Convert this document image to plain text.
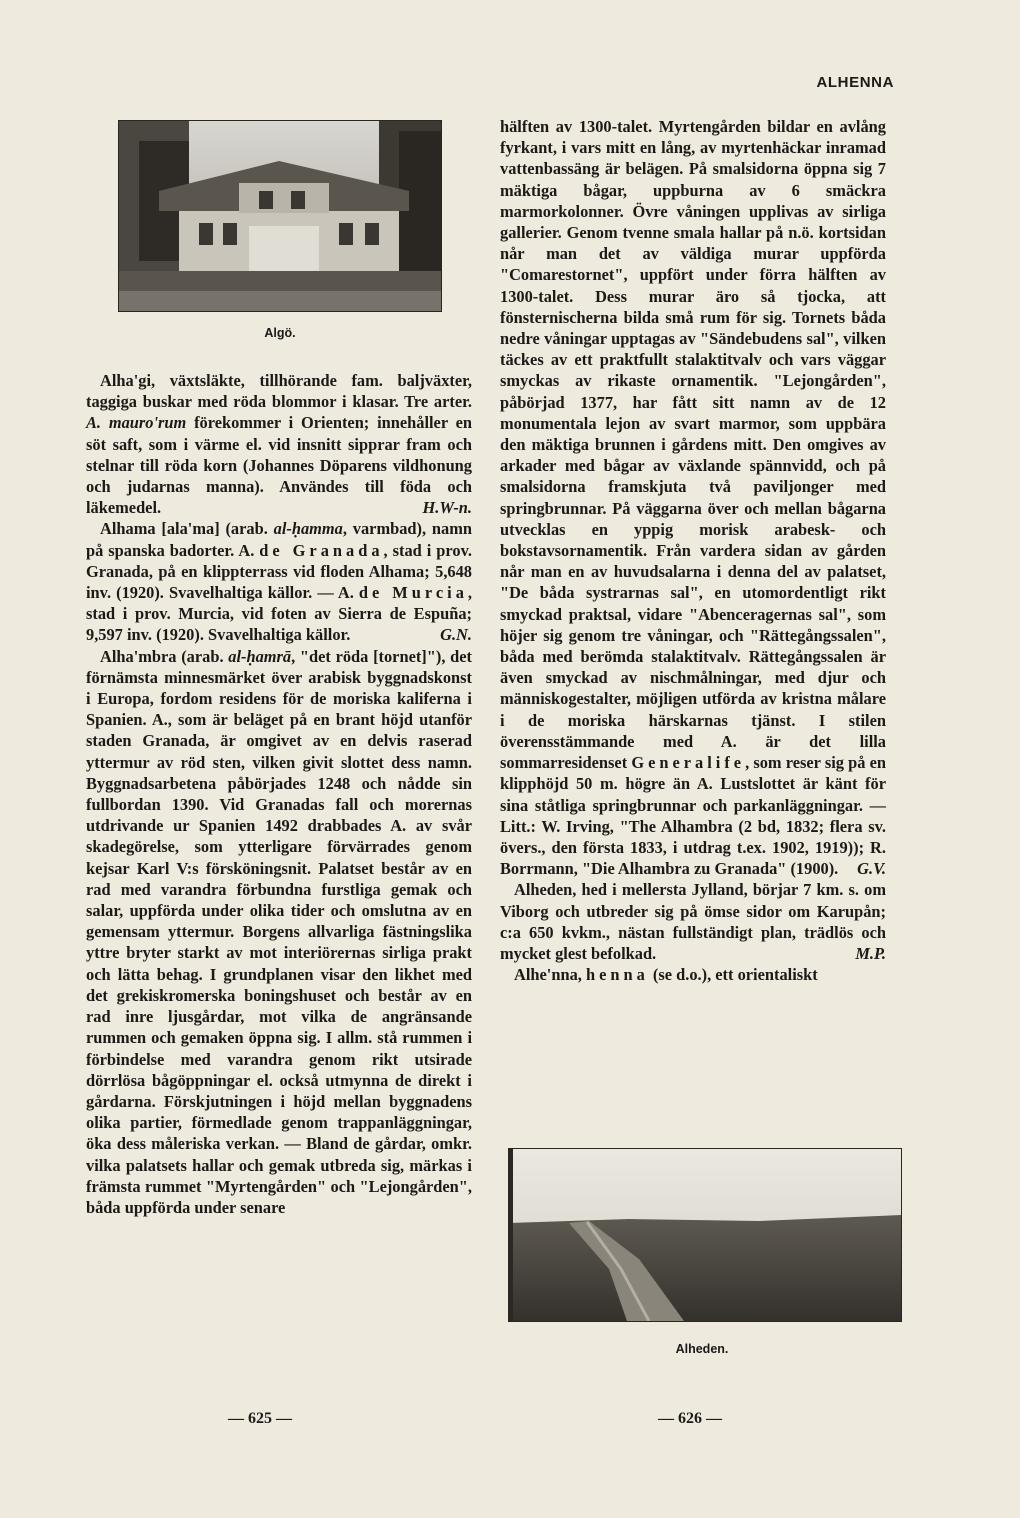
ALHENNA
Algö.

Alha'gi, växtsläkte, tillhörande fam. baljväxter, taggiga buskar med röda blommor i klasar. Tre arter. A. mauro'rum förekommer i Orienten; innehåller en söt saft, som i värme el. vid insnitt sipprar fram och stelnar till röda korn (Johannes Döparens vildhonung och judarnas manna). Användes till föda och läkemedel.	H.W-n.

Alhama [ala'ma] (arab. al-ḥamma, varmbad), namn på spanska badorter. A. de Granada, stad i prov. Granada, på en klippterrass vid floden Alhama; 5,648 inv. (1920). Svavelhaltiga källor. — A. de Murcia, stad i prov. Murcia, vid foten av Sierra de Espuña; 9,597 inv. (1920). Svavelhaltiga källor.	G.N.

Alha'mbra (arab. al-ḥamrā, "det röda [tornet]"), det förnämsta minnesmärket över arabisk byggnadskonst i Europa, fordom residens för de moriska kaliferna i Spanien. A., som är beläget på en brant höjd utanför staden Granada, är omgivet av en delvis raserad yttermur av röd sten, vilken givit slottet dess namn. Byggnadsarbetena påbörjades 1248 och nådde sin fullbordan 1390. Vid Granadas fall och morernas utdrivande ur Spanien 1492 drabbades A. av svår skadegörelse, som ytterligare förvärrades genom kejsar Karl V:s försköningsnit. Palatset består av en rad med varandra förbundna furstliga gemak och salar, uppförda under olika tider och omslutna av en gemensam yttermur. Borgens allvarliga fästningslika yttre bryter starkt av mot interiörernas sirliga prakt och lätta behag. I grundplanen visar den likhet med det grekiskromerska boningshuset och består av en rad inre ljusgårdar, mot vilka de angränsande rummen och gemaken öppna sig. I allm. stå rummen i förbindelse med varandra genom rikt utsirade dörrlösa bågöppningar el. också utmynna de direkt i gårdarna. Förskjutningen i höjd mellan byggnadens olika partier, förmedlade genom trappanläggningar, öka dess måleriska verkan. — Bland de gårdar, omkr. vilka palatsets hallar och gemak utbreda sig, märkas i främsta rummet "Myrtengården" och "Lejongården", båda uppförda under senare

— 625 —

hälften av 1300-talet. Myrtengården bildar en avlång fyrkant, i vars mitt en lång, av myrtenhäckar inramad vattenbassäng är belägen. På smalsidorna öppna sig 7 mäktiga bågar, uppburna av 6 smäckra marmorkolonner. Övre våningen upplivas av sirliga gallerier. Genom tvenne smala hallar på n.ö. kortsidan når man det av väldiga murar uppförda "Comarestornet", uppfört under förra hälften av 1300-talet. Dess murar äro så tjocka, att fönsternischerna bilda små rum för sig. Tornets båda nedre våningar upptagas av "Sändebudens sal", vilken täckes av ett praktfullt stalaktitvalv och vars väggar smyckas av rikaste ornamentik. "Lejongården", påbörjad 1377, har fått sitt namn av de 12 monumentala lejon av svart marmor, som uppbära den mäktiga brunnen i gårdens mitt. Den omgives av arkader med bågar av växlande spännvidd, och på smalsidorna framskjuta två paviljonger med springbrunnar. På väggarna över och mellan bågarna utvecklas en yppig morisk arabesk- och bokstavsornamentik. Från vardera sidan av gården når man en av huvudsalarna i denna del av palatset, "De båda systrarnas sal", en utomordentligt rikt smyckad praktsal, vidare "Abenceragernas sal", som höjer sig genom tre våningar, och "Rättegångssalen", båda med berömda stalaktitvalv. Rättegångssalen är även smyckad av nischmålningar, med djur och människogestalter, möjligen utförda av kristna målare i de moriska härskarnas tjänst. I stilen överensstämmande med A. är det lilla sommarresidenset Generalife, som reser sig på en klipphöjd 50 m. högre än A. Lustslottet är känt för sina ståtliga springbrunnar och parkanläggningar. — Litt.: W. Irving, "The Alhambra (2 bd, 1832; flera sv. övers., den första 1833, i utdrag t.ex. 1902, 1919)); R. Borrmann, "Die Alhambra zu Granada" (1900). G.V.

Alheden, hed i mellersta Jylland, börjar 7 km. s. om Viborg och utbreder sig på ömse sidor om Karupån; c:a 650 kvkm., nästan fullständigt plan, trädlös och mycket glest befolkad.	M.P.

Alhe'nna, henna (se d.o.), ett orientaliskt

Alheden.
— 626 —
